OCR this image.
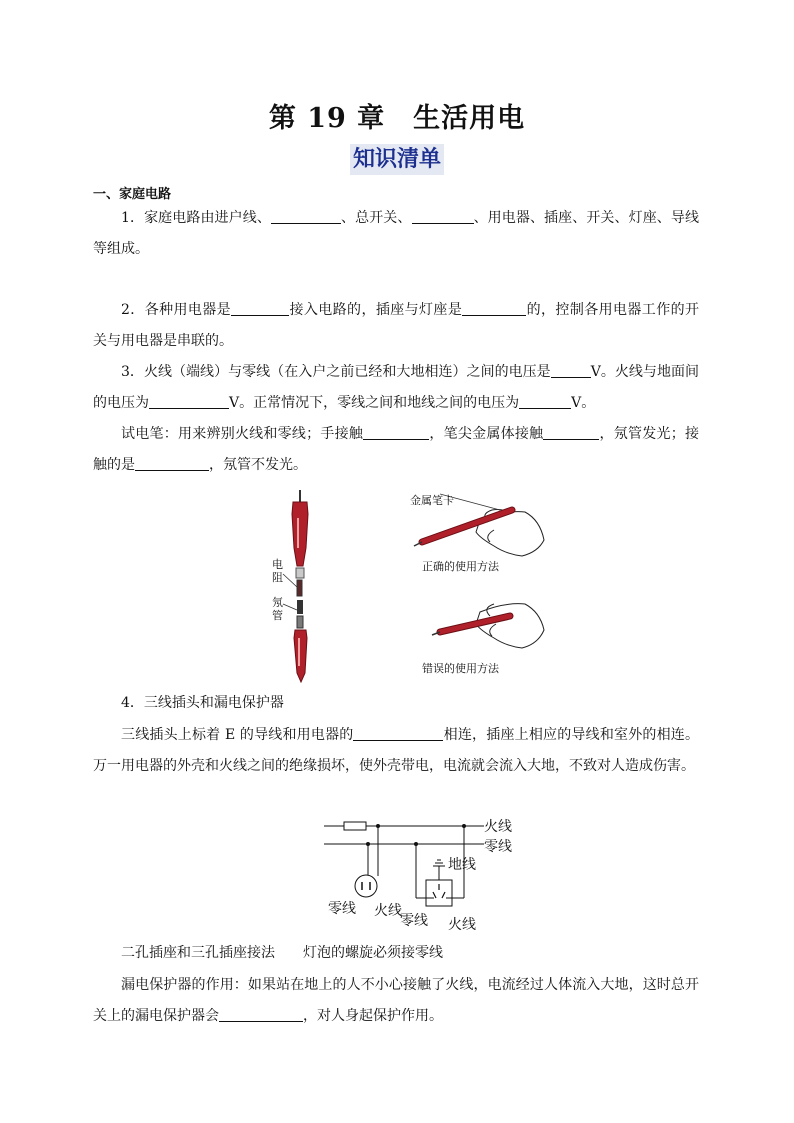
第 19 章　生活用电
知识清单
一、家庭电路
1．家庭电路由进户线、	、总开关、	、用电器、插座、开关、灯座、导线等组成。
2．各种用电器是	接入电路的，插座与灯座是	的，控制各用电器工作的开关与用电器是串联的。
3．火线（端线）与零线（在入户之前已经和大地相连）之间的电压是	V。火线与地面间的电压为	V。正常情况下，零线之间和地线之间的电压为	V。
试电笔：用来辨别火线和零线；手接触	，笔尖金属体接触	，氖管发光；接触的是	，氖管不发光。
电
阻
氖
管
金属笔卡
正确的使用方法
错误的使用方法
4．三线插头和漏电保护器
三线插头上标着 E 的导线和用电器的	相连，插座上相应的导线和室外的相连。万一用电器的外壳和火线之间的绝缘损坏，使外壳带电，电流就会流入大地，不致对人造成伤害。
火线
零线
地线
零线 火线
零线 火线
二孔插座和三孔插座接法　　灯泡的螺旋必须接零线
漏电保护器的作用：如果站在地上的人不小心接触了火线，电流经过人体流入大地，这时总开关上的漏电保护器会	，对人身起保护作用。
